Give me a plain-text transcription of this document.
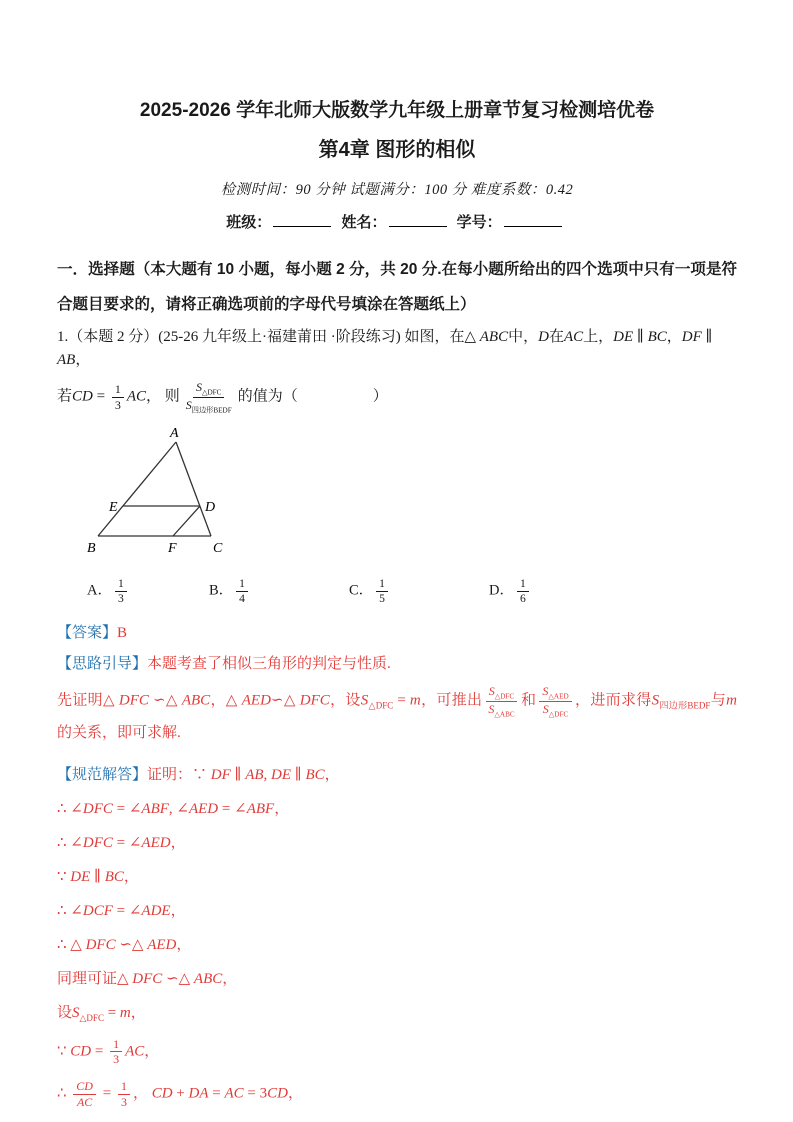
2025-2026 学年北师大版数学九年级上册章节复习检测培优卷
第4章 图形的相似
检测时间：90 分钟 试题满分：100 分 难度系数：0.42
班级：	姓名：	学号：

一．选择题（本大题有 10 小题，每小题 2 分，共 20 分.在每小题所给出的四个选项中只有一项是符合题目要求的，请将正确选项前的字母代号填涂在答题纸上）

1.（本题 2 分）(25-26 九年级上·福建莆田 ·阶段练习) 如图，在△ ABC中，D在AC上，DE ∥ BC，DF ∥ AB，

若CD = $\frac{1}{3}$ AC， 则 $\frac{S_{\triangle DFC}}{S_{四边形BEDF}}$ 的值为（　　　　　）

A
B	C
D
E
F
A． $\frac{1}{3}$	B． $\frac{1}{4}$	C． $\frac{1}{5}$	D． $\frac{1}{6}$

【答案】B

【思路引导】本题考查了相似三角形的判定与性质.

先证明△ DFC ∽△ ABC，△ AED∽△ DFC，设$S_{\triangle DFC} = m$，可推出 $\frac{S_{\triangle DFC}}{S_{\triangle ABC}}$ 和 $\frac{S_{\triangle AED}}{S_{\triangle DFC}}$ ，进而求得$S_{四边形BEDF}$与m的关系，即可求解.

【规范解答】证明：∵ DF ∥ AB, DE ∥ BC，

∴ ∠DFC = ∠ABF, ∠AED = ∠ABF，

∴ ∠DFC = ∠AED，

∵ DE ∥ BC，

∴ ∠DCF = ∠ADE，

∴ △ DFC ∽△ AED，

同理可证△ DFC ∽△ ABC，

设$S_{\triangle DFC} = m$，

∵ CD = $\frac{1}{3}$ AC，

∴ $\frac{CD}{AC} = \frac{1}{3}$ ， CD + DA = AC = 3CD，
